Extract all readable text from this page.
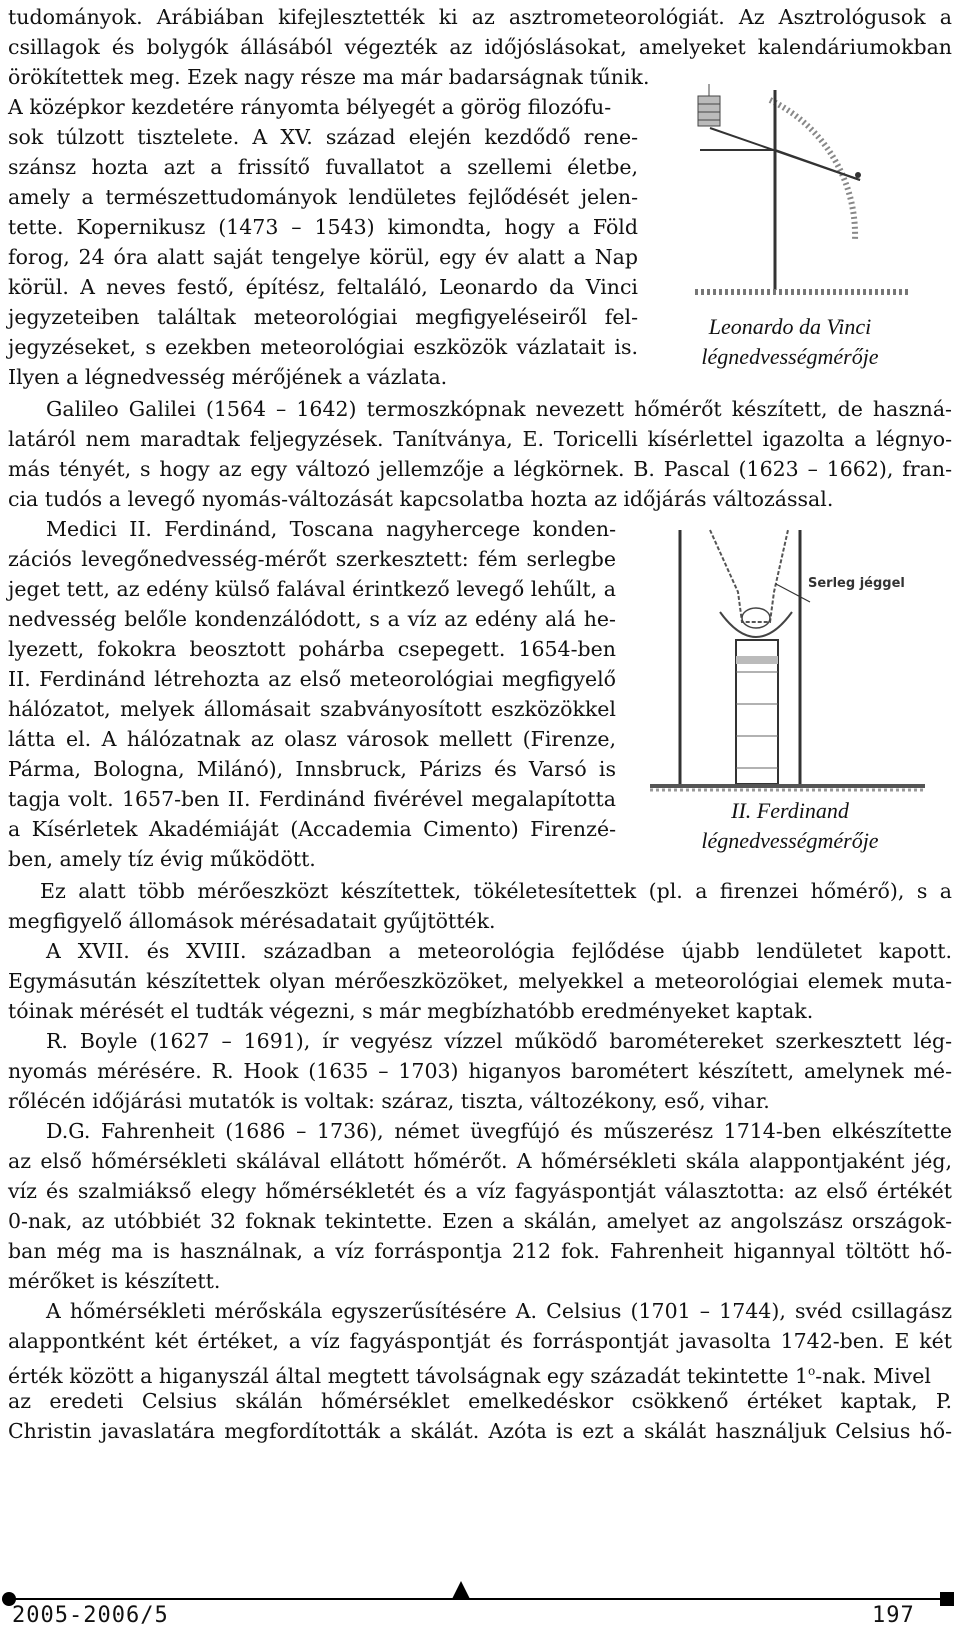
tudományok. Arábiában kifejlesztették ki az asztrometeorológiát. Az Asztrológusok a
csillagok és bolygók állásából végezték az időjóslásokat, amelyeket kalendáriumokban
örökítettek meg. Ezek nagy része ma már badarságnak tűnik.
A középkor kezdetére rányomta bélyegét a görög filozófu-
sok túlzott tisztelete. A XV. század elején kezdődő rene-
szánsz hozta azt a frissítő fuvallatot a szellemi életbe,
amely a természettudományok lendületes fejlődését jelen-
tette. Kopernikusz (1473 – 1543) kimondta, hogy a Föld
forog, 24 óra alatt saját tengelye körül, egy év alatt a Nap
körül. A neves festő, építész, feltaláló, Leonardo da Vinci
jegyzeteiben találtak meteorológiai megfigyeléseiről fel-
jegyzéseket, s ezekben meteorológiai eszközök vázlatait is.
Ilyen a légnedvesség mérőjének a vázlata.
Leonardo da Vinci
légnedvességmérője
Galileo Galilei (1564 – 1642) termoszkópnak nevezett hőmérőt készített, de haszná-
latáról nem maradtak feljegyzések. Tanítványa, E. Toricelli kísérlettel igazolta a légnyo-
más tényét, s hogy az egy változó jellemzője a légkörnek. B. Pascal (1623 – 1662), fran-
cia tudós a levegő nyomás-változását kapcsolatba hozta az időjárás változással.
Medici II. Ferdinánd, Toscana nagyhercege konden-
zációs levegőnedvesség-mérőt szerkesztett: fém serlegbe
jeget tett, az edény külső falával érintkező levegő lehűlt, a
nedvesség belőle kondenzálódott, s a víz az edény alá he-
lyezett, fokokra beosztott pohárba csepegett. 1654-ben
II. Ferdinánd létrehozta az első meteorológiai megfigyelő
hálózatot, melyek állomásait szabványosított eszközökkel
látta el. A hálózatnak az olasz városok mellett (Firenze,
Párma, Bologna, Milánó), Innsbruck, Párizs és Varsó is
tagja volt. 1657-ben II. Ferdinánd fivérével megalapította
a Kísérletek Akadémiáját (Accademia Cimento) Firenzé-
ben, amely tíz évig működött.
Serleg jéggel
II. Ferdinand
légnedvességmérője
Ez alatt több mérőeszközt készítettek, tökéletesítettek (pl. a firenzei hőmérő), s a
megfigyelő állomások mérésadatait gyűjtötték.
A XVII. és XVIII. században a meteorológia fejlődése újabb lendületet kapott.
Egymásután készítettek olyan mérőeszközöket, melyekkel a meteorológiai elemek muta-
tóinak mérését el tudták végezni, s már megbízhatóbb eredményeket kaptak.
R. Boyle (1627 – 1691), ír vegyész vízzel működő barométereket szerkesztett lég-
nyomás mérésére. R. Hook (1635 – 1703) higanyos barométert készített, amelynek mé-
rőlécén időjárási mutatók is voltak: száraz, tiszta, változékony, eső, vihar.
D.G. Fahrenheit (1686 – 1736), német üvegfújó és műszerész 1714-ben elkészítette
az első hőmérsékleti skálával ellátott hőmérőt. A hőmérsékleti skála alappontjaként jég,
víz és szalmiákső elegy hőmérsékletét és a víz fagyáspontját választotta: az első értékét
0-nak, az utóbbiét 32 foknak tekintette. Ezen a skálán, amelyet az angolszász országok-
ban még ma is használnak, a víz forráspontja 212 fok. Fahrenheit higannyal töltött hő-
mérőket is készített.
A hőmérsékleti mérőskála egyszerűsítésére A. Celsius (1701 – 1744), svéd csillagász
alappontként két értéket, a víz fagyáspontját és forráspontját javasolta 1742-ben. E két
érték között a higanyszál által megtett távolságnak egy századát tekintette 1$^o$-nak. Mivel
az eredeti Celsius skálán hőmérséklet emelkedéskor csökkenő értéket kaptak, P.
Christin javaslatára megfordították a skálát. Azóta is ezt a skálát használjuk Celsius hő-
2005-2006/5	197
